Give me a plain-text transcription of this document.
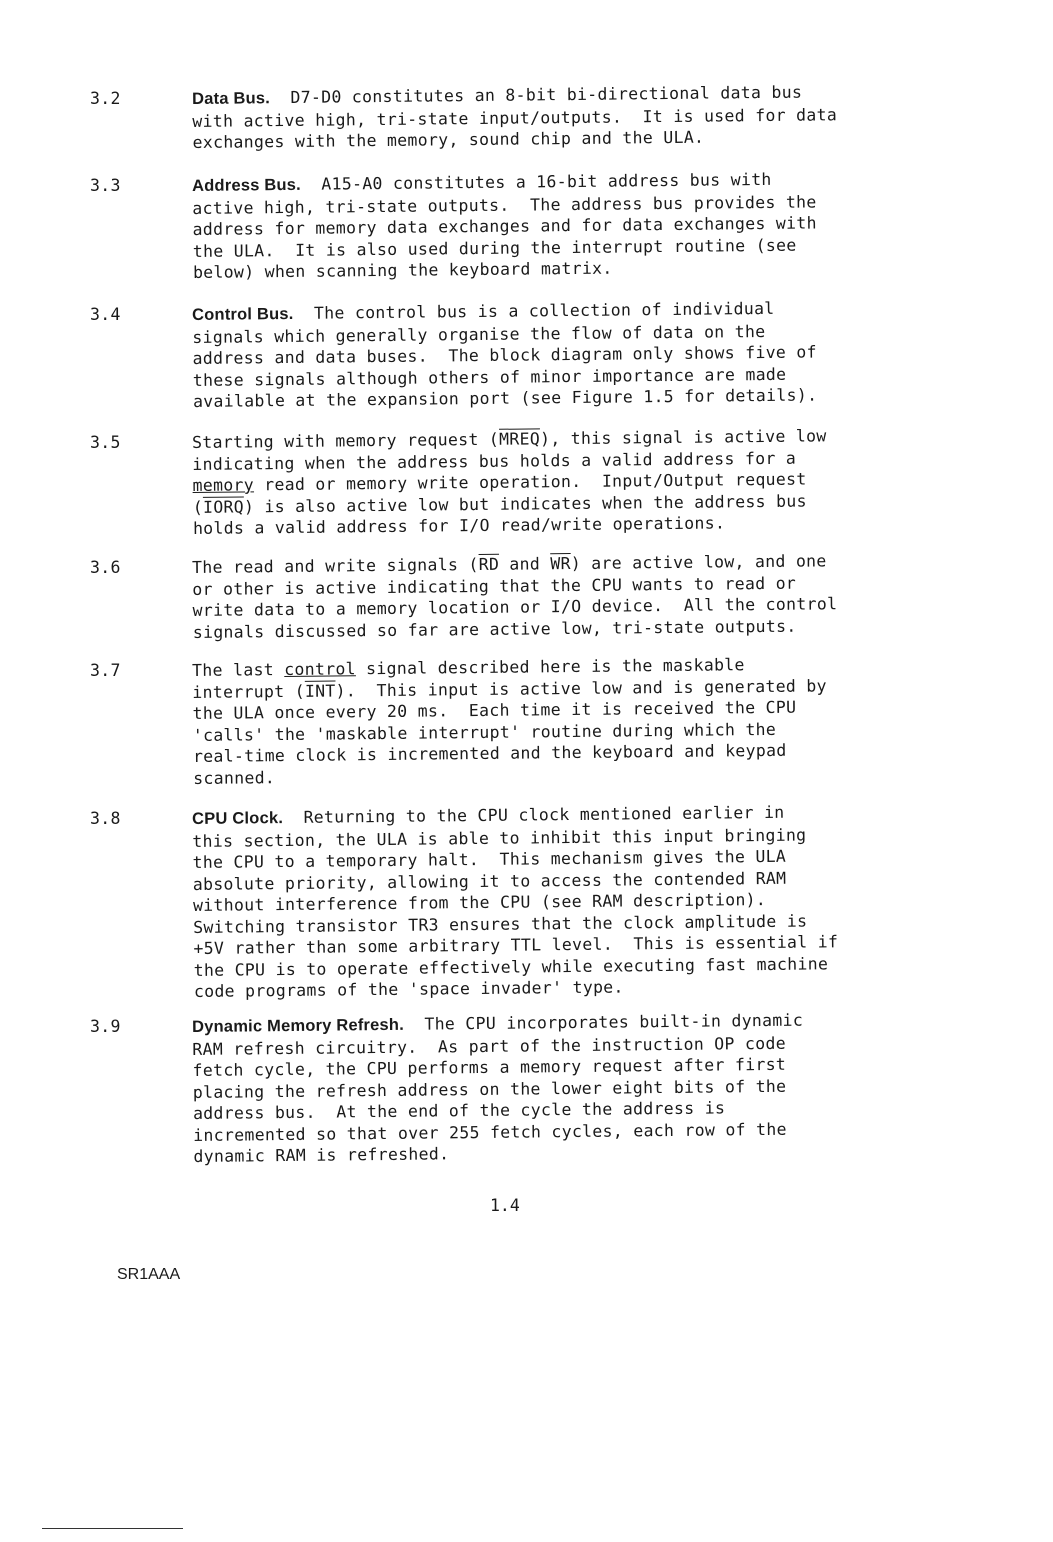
3.2	Data Bus.  D7-D0 constitutes an 8-bit bi-directional data bus
with active high, tri-state input/outputs.  It is used for data
exchanges with the memory, sound chip and the ULA.
3.3	Address Bus.  A15-A0 constitutes a 16-bit address bus with
active high, tri-state outputs.  The address bus provides the
address for memory data exchanges and for data exchanges with
the ULA.  It is also used during the interrupt routine (see
below) when scanning the keyboard matrix.
3.4	Control Bus.  The control bus is a collection of individual
signals which generally organise the flow of data on the
address and data buses.  The block diagram only shows five of
these signals although others of minor importance are made
available at the expansion port (see Figure 1.5 for details).
3.5	Starting with memory request (MREQ), this signal is active low
indicating when the address bus holds a valid address for a
memory read or memory write operation.  Input/Output request
(IORQ) is also active low but indicates when the address bus
holds a valid address for I/O read/write operations.
3.6	The read and write signals ($\overline{RD}$ and $\overline{WR}$) are active low, and one
or other is active indicating that the CPU wants to read or
write data to a memory location or I/O device.  All the control
signals discussed so far are active low, tri-state outputs.
3.7	The last control signal described here is the maskable
interrupt $(\overline{INT})$.  This input is active low and is generated by
the ULA once every 20 ms.  Each time it is received the CPU
'calls' the 'maskable interrupt' routine during which the
real-time clock is incremented and the keyboard and keypad
scanned.
3.8	CPU Clock.  Returning to the CPU clock mentioned earlier in
this section, the ULA is able to inhibit this input bringing
the CPU to a temporary halt.  This mechanism gives the ULA
absolute priority, allowing it to access the contended RAM
without interference from the CPU (see RAM description).
Switching transistor TR3 ensures that the clock amplitude is
+5V rather than some arbitrary TTL level.  This is essential if
the CPU is to operate effectively while executing fast machine
code programs of the 'space invader' type.
3.9	Dynamic Memory Refresh.  The CPU incorporates built-in dynamic
RAM refresh circuitry.  As part of the instruction OP code
fetch cycle, the CPU performs a memory request after first
placing the refresh address on the lower eight bits of the
address bus.  At the end of the cycle the address is
incremented so that over 255 fetch cycles, each row of the
dynamic RAM is refreshed.
1.4
SR1AAA
